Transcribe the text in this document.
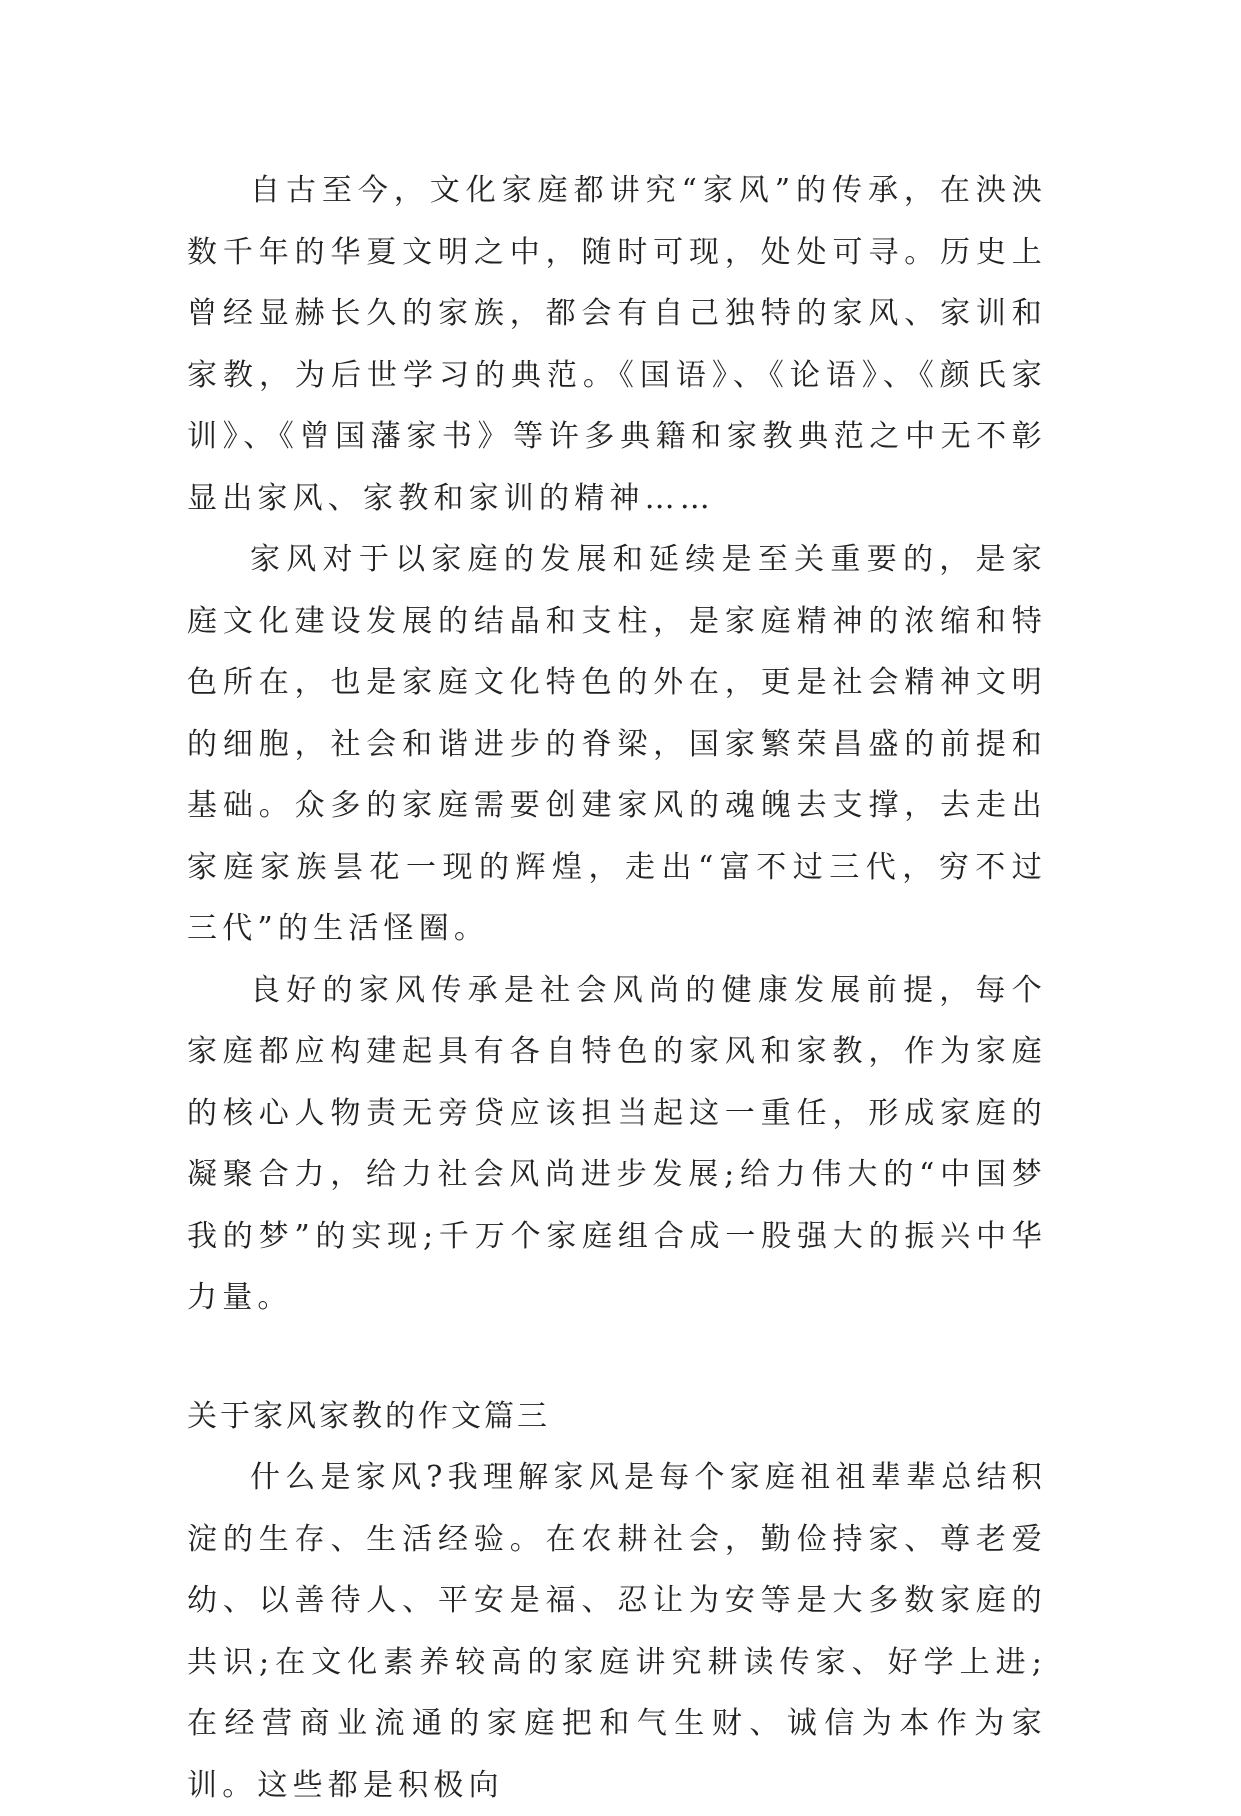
自古至今，文化家庭都讲究“家风”的传承，在泱泱数千年的华夏文明之中，随时可现，处处可寻。历史上曾经显赫长久的家族，都会有自己独特的家风、家训和家教，为后世学习的典范。《国语》、《论语》、《颜氏家训》、《曾国藩家书》等许多典籍和家教典范之中无不彰显出家风、家教和家训的精神……

家风对于以家庭的发展和延续是至关重要的，是家庭文化建设发展的结晶和支柱，是家庭精神的浓缩和特色所在，也是家庭文化特色的外在，更是社会精神文明的细胞，社会和谐进步的脊梁，国家繁荣昌盛的前提和基础。众多的家庭需要创建家风的魂魄去支撑，去走出家庭家族昙花一现的辉煌，走出“富不过三代，穷不过三代”的生活怪圈。

良好的家风传承是社会风尚的健康发展前提，每个家庭都应构建起具有各自特色的家风和家教，作为家庭的核心人物责无旁贷应该担当起这一重任，形成家庭的凝聚合力，给力社会风尚进步发展;给力伟大的“中国梦我的梦”的实现;千万个家庭组合成一股强大的振兴中华力量。

关于家风家教的作文篇三

什么是家风?我理解家风是每个家庭祖祖辈辈总结积淀的生存、生活经验。在农耕社会，勤俭持家、尊老爱幼、以善待人、平安是福、忍让为安等是大多数家庭的共识;在文化素养较高的家庭讲究耕读传家、好学上进;在经营商业流通的家庭把和气生财、诚信为本作为家训。这些都是积极向
